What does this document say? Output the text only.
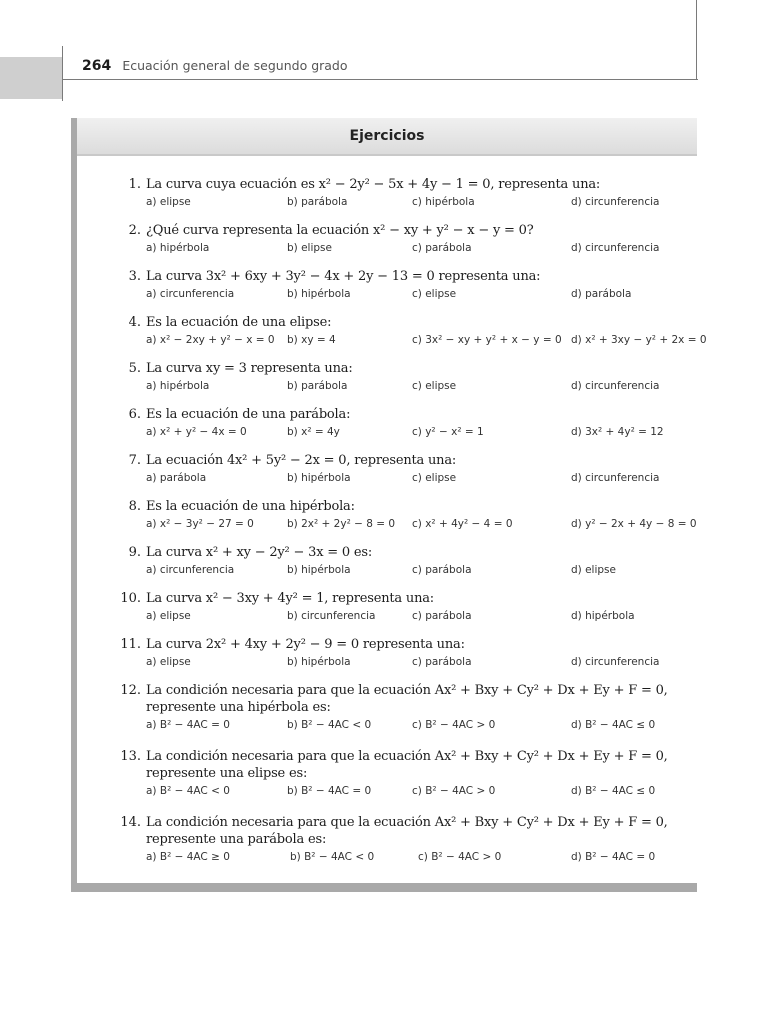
264 Ecuación general de segundo grado
Ejercicios
1. La curva cuya ecuación es x² − 2y² − 5x + 4y − 1 = 0, representa una:
a) elipse	b) parábola	c) hipérbola	d) circunferencia
2. ¿Qué curva representa la ecuación x² − xy + y² − x − y = 0?
a) hipérbola	b) elipse	c) parábola	d) circunferencia
3. La curva 3x² + 6xy + 3y² − 4x + 2y − 13 = 0 representa una:
a) circunferencia	b) hipérbola	c) elipse	d) parábola
4. Es la ecuación de una elipse:
a) x² − 2xy + y² − x = 0 b) xy = 4	c) 3x² − xy + y² + x − y = 0 d) x² + 3xy − y² + 2x = 0
5. La curva xy = 3 representa una:
a) hipérbola	b) parábola	c) elipse	d) circunferencia
6. Es la ecuación de una parábola:
a) x² + y² − 4x = 0	b) x² = 4y	c) y² − x² = 1	d) 3x² + 4y² = 12
7. La ecuación 4x² + 5y² − 2x = 0, representa una:
a) parábola	b) hipérbola	c) elipse	d) circunferencia
8. Es la ecuación de una hipérbola:
a) x² − 3y² − 27 = 0	b) 2x² + 2y² − 8 = 0 c) x² + 4y² − 4 = 0	d) y² − 2x + 4y − 8 = 0
9. La curva x² + xy − 2y² − 3x = 0 es:
a) circunferencia	b) hipérbola	c) parábola	d) elipse
10. La curva x² − 3xy + 4y² = 1, representa una:
a) elipse	b) circunferencia	c) parábola	d) hipérbola
11. La curva 2x² + 4xy + 2y² − 9 = 0 representa una:
a) elipse	b) hipérbola	c) parábola	d) circunferencia
12. La condición necesaria para que la ecuación Ax² + Bxy + Cy² + Dx + Ey + F = 0, represente una hipérbola es:
a) B² − 4AC = 0	b) B² − 4AC < 0	c) B² − 4AC > 0	d) B² − 4AC ≤ 0
13. La condición necesaria para que la ecuación Ax² + Bxy + Cy² + Dx + Ey + F = 0, represente una elipse es:
a) B² − 4AC < 0	b) B² − 4AC = 0	c) B² − 4AC > 0	d) B² − 4AC ≤ 0
14. La condición necesaria para que la ecuación Ax² + Bxy + Cy² + Dx + Ey + F = 0, represente una parábola es:
a) B² − 4AC ≥ 0	b) B² − 4AC < 0	c) B² − 4AC > 0	d) B² − 4AC = 0
